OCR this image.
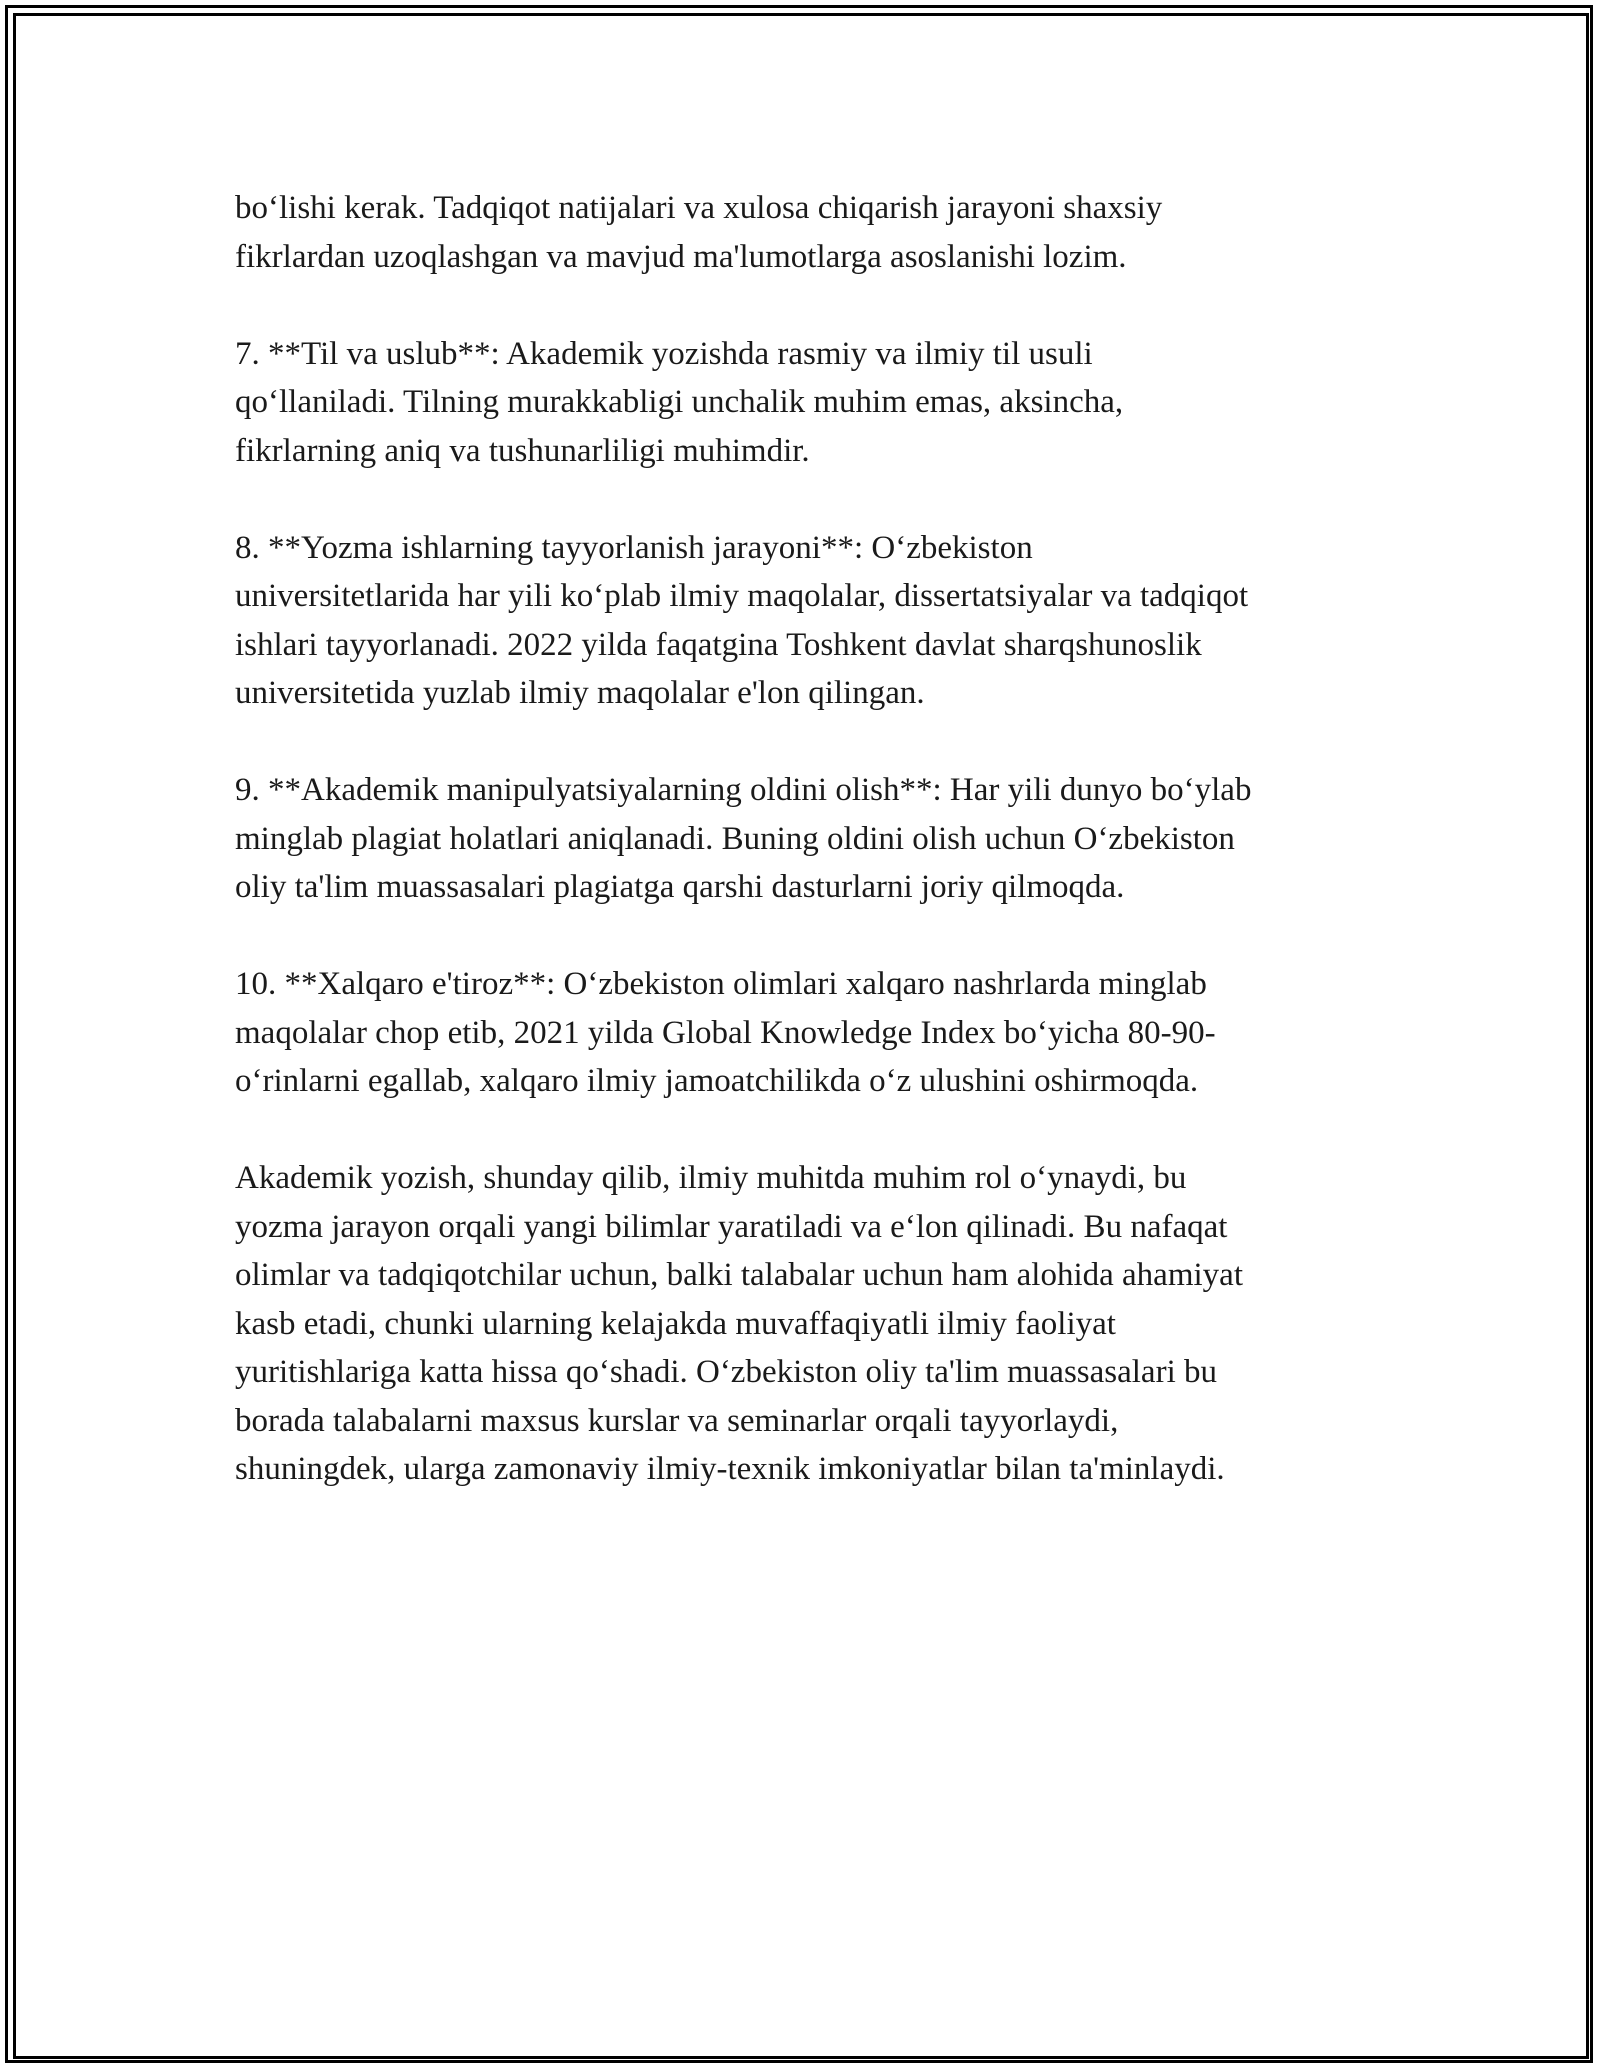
boʻlishi kerak. Tadqiqot natijalari va xulosa chiqarish jarayoni shaxsiy
fikrlardan uzoqlashgan va mavjud ma'lumotlarga asoslanishi lozim.

7. **Til va uslub**: Akademik yozishda rasmiy va ilmiy til usuli
qoʻllaniladi. Tilning murakkabligi unchalik muhim emas, aksincha,
fikrlarning aniq va tushunarliligi muhimdir.

8. **Yozma ishlarning tayyorlanish jarayoni**: Oʻzbekiston
universitetlarida har yili koʻplab ilmiy maqolalar, dissertatsiyalar va tadqiqot
ishlari tayyorlanadi. 2022 yilda faqatgina Toshkent davlat sharqshunoslik
universitetida yuzlab ilmiy maqolalar e'lon qilingan.

9. **Akademik manipulyatsiyalarning oldini olish**: Har yili dunyo boʻylab
minglab plagiat holatlari aniqlanadi. Buning oldini olish uchun Oʻzbekiston
oliy ta'lim muassasalari plagiatga qarshi dasturlarni joriy qilmoqda.

10. **Xalqaro e'tiroz**: Oʻzbekiston olimlari xalqaro nashrlarda minglab
maqolalar chop etib, 2021 yilda Global Knowledge Index boʻyicha 80-90-
oʻrinlarni egallab, xalqaro ilmiy jamoatchilikda oʻz ulushini oshirmoqda.

Akademik yozish, shunday qilib, ilmiy muhitda muhim rol oʻynaydi, bu
yozma jarayon orqali yangi bilimlar yaratiladi va eʻlon qilinadi. Bu nafaqat
olimlar va tadqiqotchilar uchun, balki talabalar uchun ham alohida ahamiyat
kasb etadi, chunki ularning kelajakda muvaffaqiyatli ilmiy faoliyat
yuritishlariga katta hissa qoʻshadi. Oʻzbekiston oliy ta'lim muassasalari bu
borada talabalarni maxsus kurslar va seminarlar orqali tayyorlaydi,
shuningdek, ularga zamonaviy ilmiy-texnik imkoniyatlar bilan ta'minlaydi.
